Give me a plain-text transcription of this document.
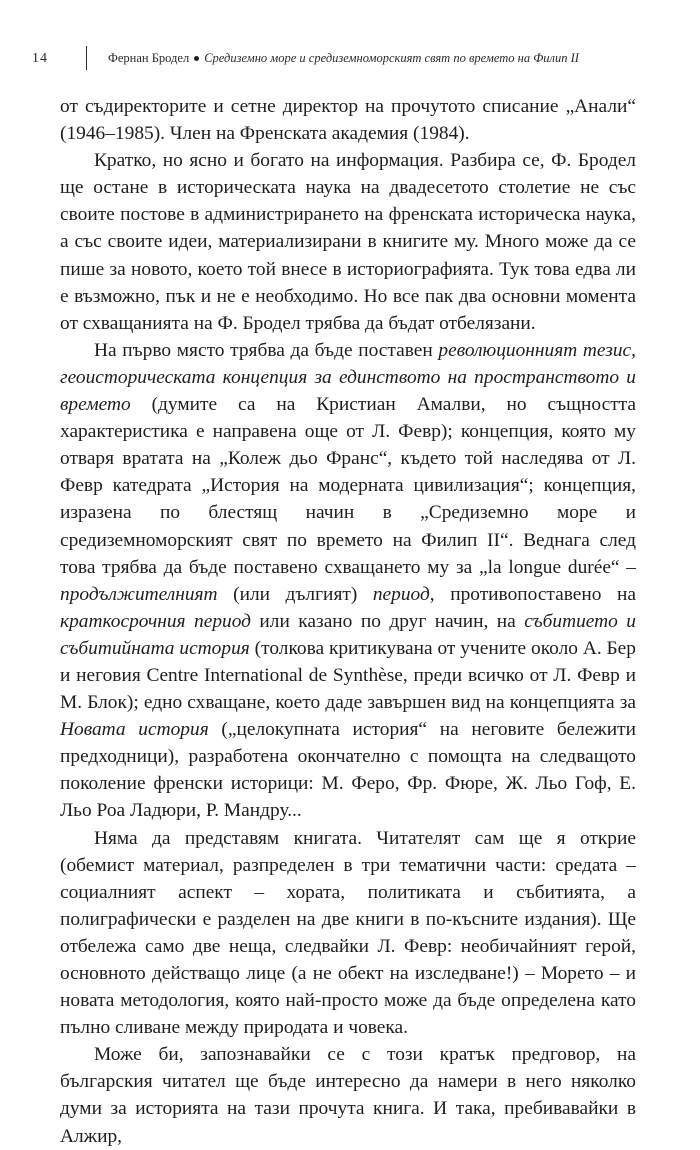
14	Фернан Бродел Средиземно море и средиземноморският свят по времето на Филип II

от съдиректорите и сетне директор на прочутото списание „Анали“ (1946–1985). Член на Френската академия (1984).

Кратко, но ясно и богато на информация. Разбира се, Ф. Бродел ще остане в историческата наука на двадесетото столетие не със своите постове в администрирането на френската историческа наука, а със своите идеи, материализирани в книгите му. Много може да се пише за новото, което той внесе в историографията. Тук това едва ли е възможно, пък и не е необходимо. Но все пак два основни момента от схващанията на Ф. Бродел трябва да бъдат отбелязани.

На първо място трябва да бъде поставен революционният тезис, геоисторическата концепция за единството на пространството и времето (думите са на Кристиан Амалви, но същността характеристика е направена още от Л. Февр); концепция, която му отваря вратата на „Колеж дьо Франс“, където той наследява от Л. Февр катедрата „История на модерната цивилизация“; концепция, изразена по блестящ начин в „Средиземно море и средиземноморският свят по времето на Филип II“. Веднага след това трябва да бъде поставено схващането му за „la longue durée“ – продължителният (или дългият) период, противопоставено на краткосрочния период или казано по друг начин, на събитието и събитийната история (толкова критикувана от учените около А. Бер и неговия Centre International de Synthèse, преди всичко от Л. Февр и М. Блок); едно схващане, което даде завършен вид на концепцията за Новата история („целокупната история“ на неговите бележити предходници), разработена окончателно с помощта на следващото поколение френски историци: М. Феро, Фр. Фюре, Ж. Льо Гоф, Е. Льо Роа Ладюри, Р. Мандру...

Няма да представям книгата. Читателят сам ще я открие (обемист материал, разпределен в три тематични части: средата – социалният аспект – хората, политиката и събитията, а полиграфически е разделен на две книги в по-късните издания). Ще отбележа само две неща, следвайки Л. Февр: необичайният герой, основното действащо лице (а не обект на изследване!) – Морето – и новата методология, която най-просто може да бъде определена като пълно сливане между природата и човека.

Може би, запознавайки се с този кратък предговор, на българския читател ще бъде интересно да намери в него няколко думи за историята на тази прочута книга. И така, пребивавайки в Алжир,
